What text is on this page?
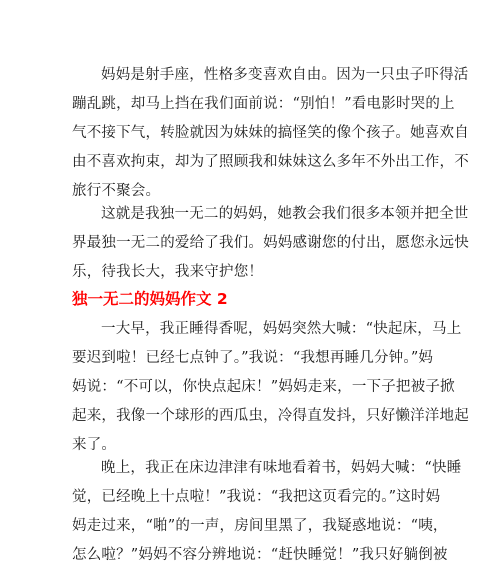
妈妈是射手座，性格多变喜欢自由。因为一只虫子吓得活
蹦乱跳，却马上挡在我们面前说：“别怕！”看电影时哭的上
气不接下气，转脸就因为妹妹的搞怪笑的像个孩子。她喜欢自
由不喜欢拘束，却为了照顾我和妹妹这么多年不外出工作，不
旅行不聚会。
这就是我独一无二的妈妈，她教会我们很多本领并把全世
界最独一无二的爱给了我们。妈妈感谢您的付出，愿您永远快
乐，待我长大，我来守护您！
独一无二的妈妈作文 2
一大早，我正睡得香呢，妈妈突然大喊：“快起床，马上
要迟到啦！已经七点钟了。”我说：“我想再睡几分钟。”妈
妈说：“不可以，你快点起床！”妈妈走来，一下子把被子掀
起来，我像一个球形的西瓜虫，冷得直发抖，只好懒洋洋地起
来了。
晚上，我正在床边津津有味地看着书，妈妈大喊：“快睡
觉，已经晚上十点啦！”我说：“我把这页看完的。”这时妈
妈走过来，“啪”的一声，房间里黑了，我疑惑地说：“咦，
怎么啦？”妈妈不容分辨地说：“赶快睡觉！”我只好躺倒被
